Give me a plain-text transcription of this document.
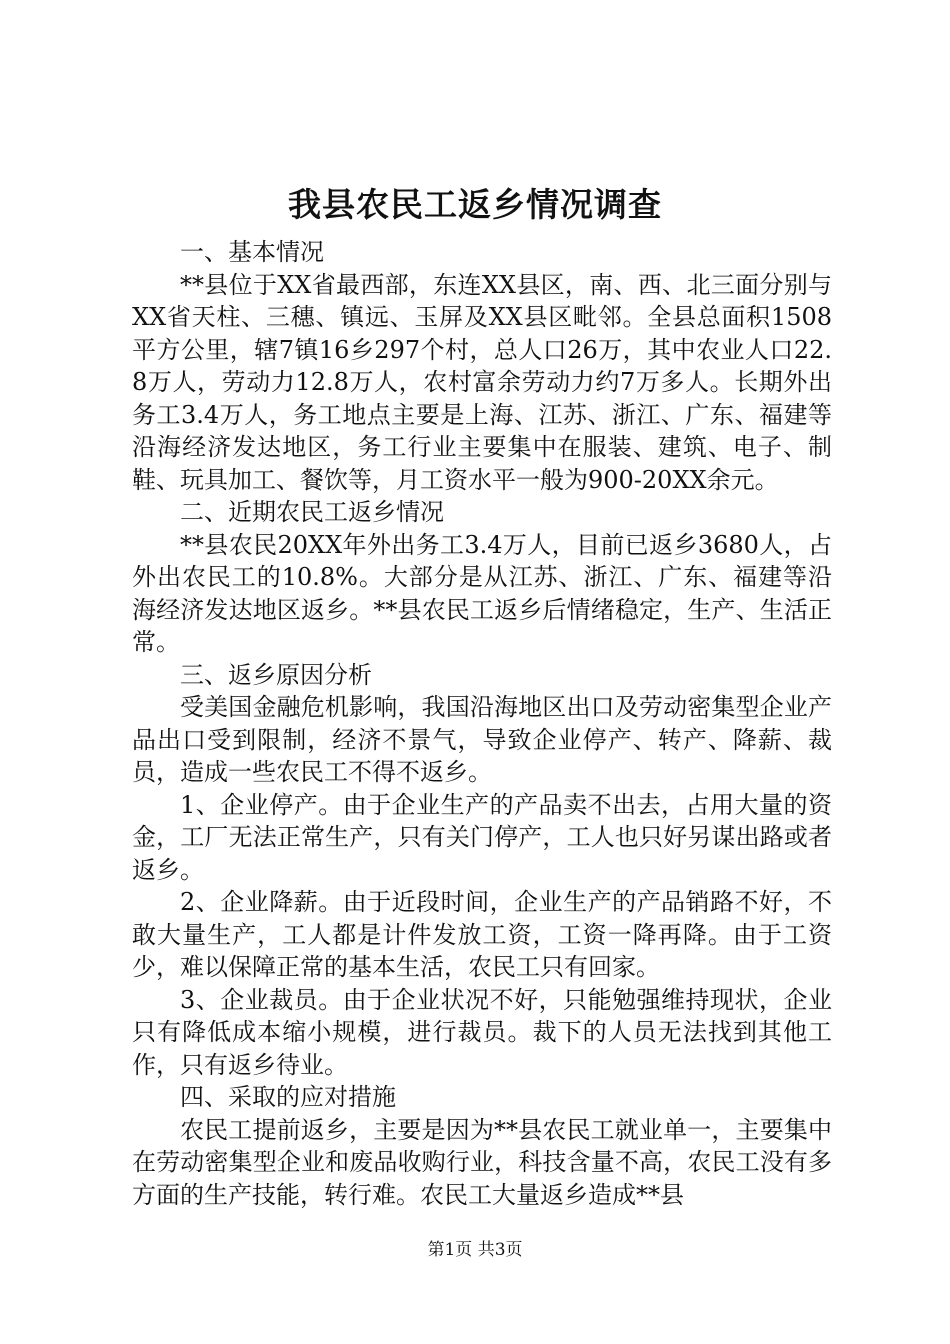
我县农民工返乡情况调查

一、基本情况

**县位于XX省最西部，东连XX县区，南、西、北三面分别与XX省天柱、三穗、镇远、玉屏及XX县区毗邻。全县总面积1508平方公里，辖7镇16乡297个村，总人口26万，其中农业人口22.8万人，劳动力12.8万人，农村富余劳动力约7万多人。长期外出务工3.4万人，务工地点主要是上海、江苏、浙江、广东、福建等沿海经济发达地区，务工行业主要集中在服装、建筑、电子、制鞋、玩具加工、餐饮等，月工资水平一般为900-20XX余元。

二、近期农民工返乡情况

**县农民20XX年外出务工3.4万人，目前已返乡3680人，占外出农民工的10.8%。大部分是从江苏、浙江、广东、福建等沿海经济发达地区返乡。**县农民工返乡后情绪稳定，生产、生活正常。

三、返乡原因分析

受美国金融危机影响，我国沿海地区出口及劳动密集型企业产品出口受到限制，经济不景气，导致企业停产、转产、降薪、裁员，造成一些农民工不得不返乡。

1、企业停产。由于企业生产的产品卖不出去，占用大量的资金，工厂无法正常生产，只有关门停产，工人也只好另谋出路或者返乡。

2、企业降薪。由于近段时间，企业生产的产品销路不好，不敢大量生产，工人都是计件发放工资，工资一降再降。由于工资少，难以保障正常的基本生活，农民工只有回家。

3、企业裁员。由于企业状况不好，只能勉强维持现状，企业只有降低成本缩小规模，进行裁员。裁下的人员无法找到其他工作，只有返乡待业。

四、采取的应对措施

农民工提前返乡，主要是因为**县农民工就业单一，主要集中在劳动密集型企业和废品收购行业，科技含量不高，农民工没有多方面的生产技能，转行难。农民工大量返乡造成**县

第1页 共3页
